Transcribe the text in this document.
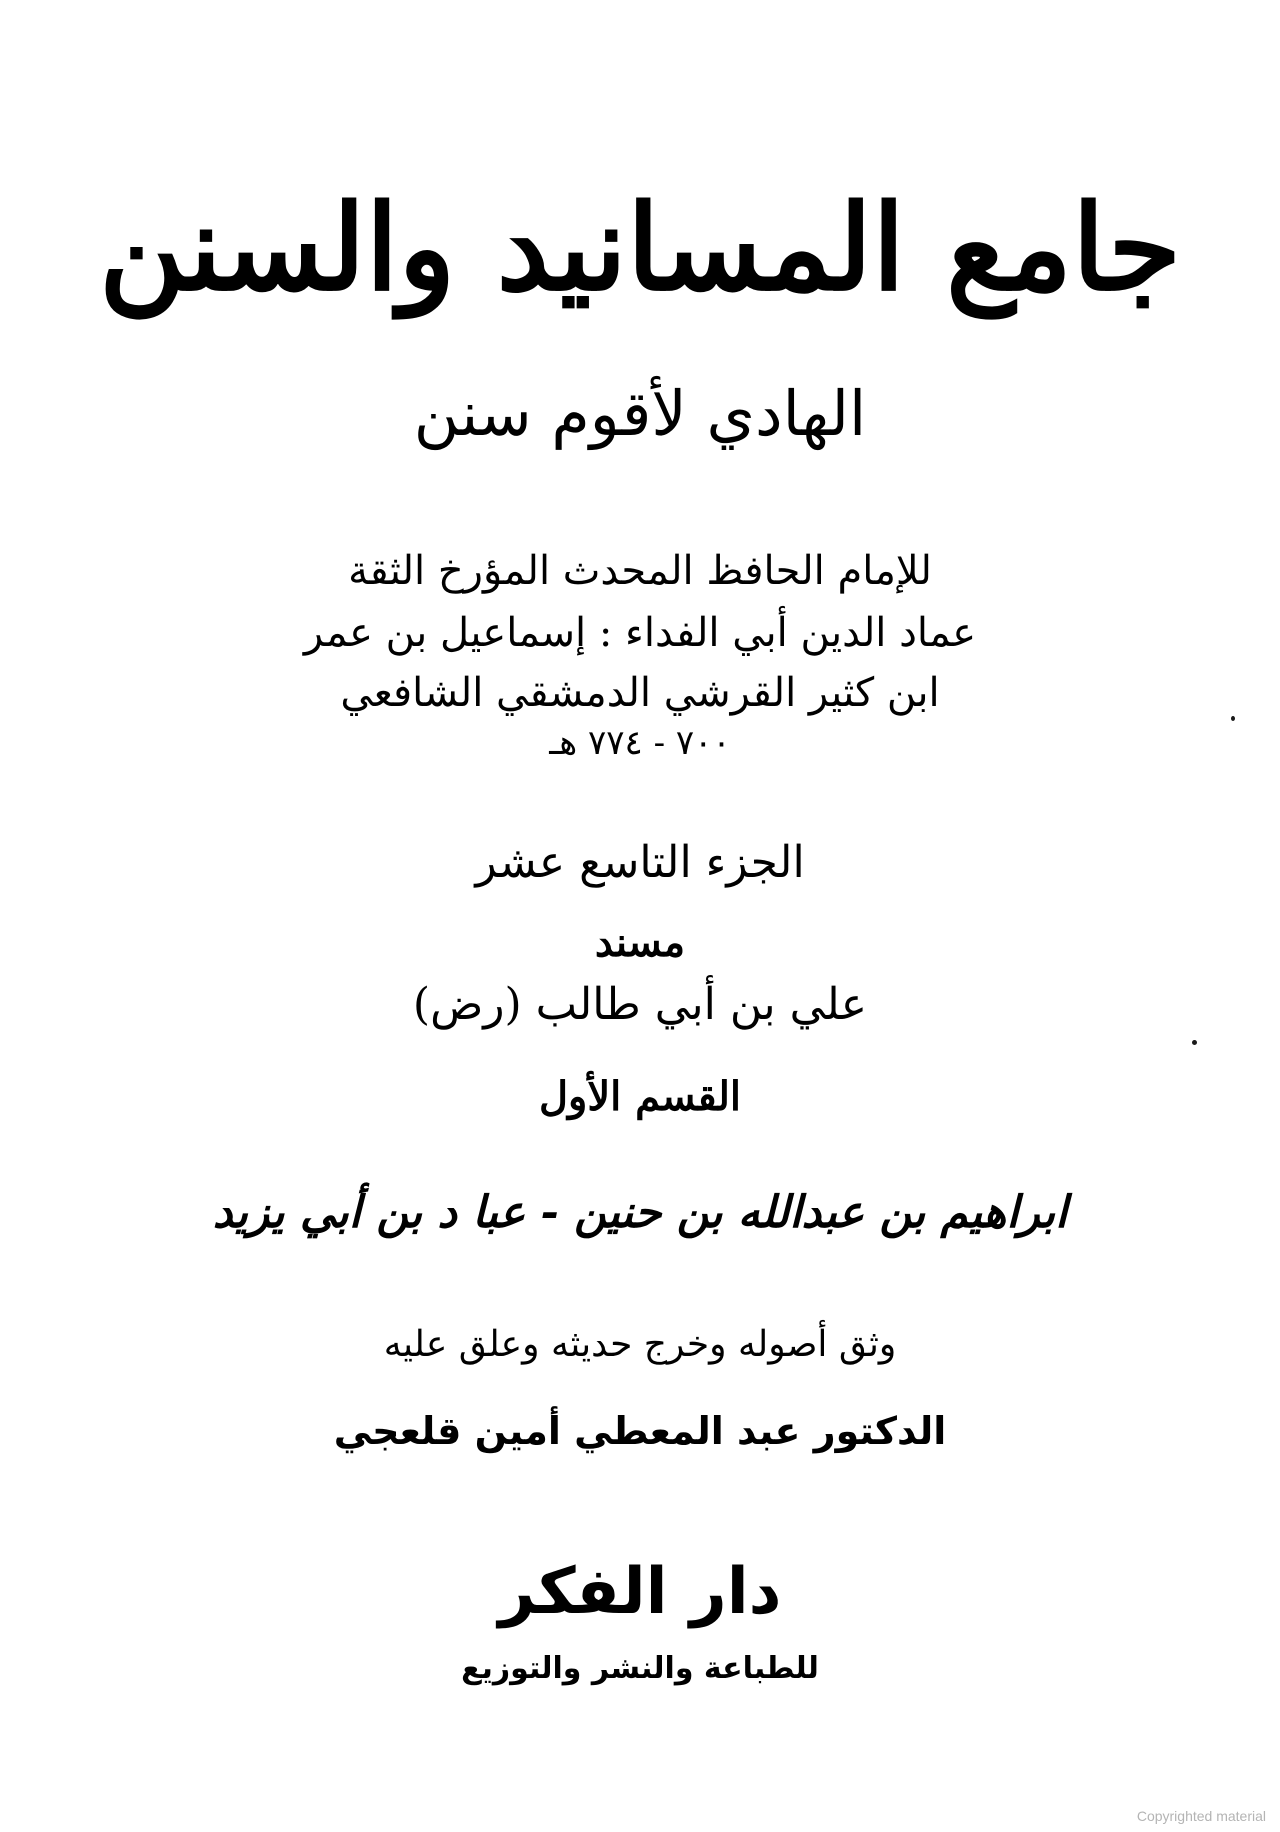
جامع المسانيد والسنن
الهادي لأقوم سنن
للإمام الحافظ المحدث المؤرخ الثقة
عماد الدين أبي الفداء : إسماعيل بن عمر
ابن كثير القرشي الدمشقي الشافعي
٧٠٠ - ٧٧٤ هـ
الجزء التاسع عشر
مسند
علي بن أبي طالب (رض)
القسم الأول
ابراهيم بن عبدالله بن حنين - عبا د بن أبي يزيد
وثق أصوله وخرج حديثه وعلق عليه
الدكتور عبد المعطي أمين قلعجي
دار الفكر
للطباعة والنشر والتوزيع
Copyrighted material
